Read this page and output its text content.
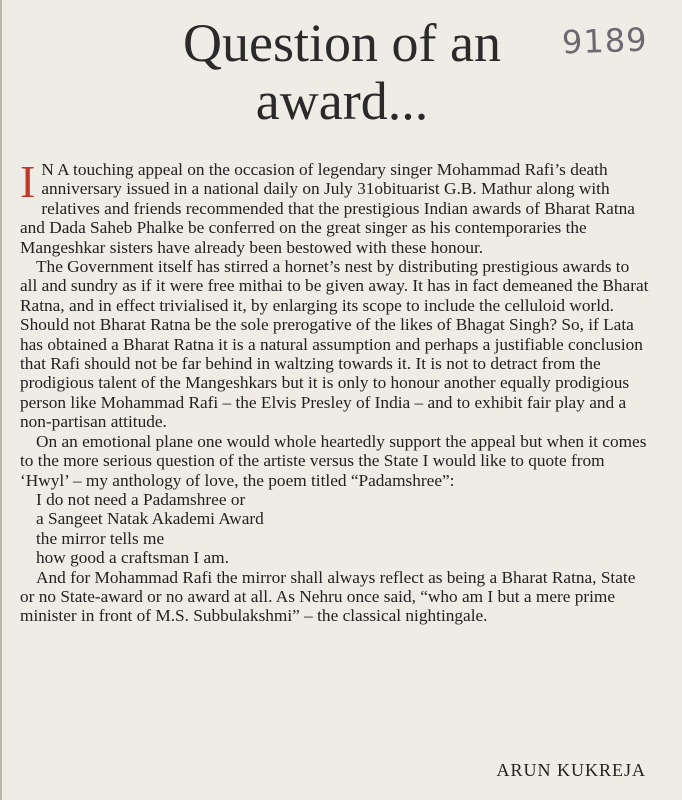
9189
Question of an
award...

I N A touching appeal on the occasion of legendary singer Mohammad Rafi’s death anniversary issued in a national daily on July 31obituarist G.B. Mathur along with relatives and friends recommended that the prestigious Indian awards of Bharat Ratna and Dada Saheb Phalke be conferred on the great singer as his contemporaries the Mangeshkar sisters have already been bestowed with these honour.

The Government itself has stirred a hornet’s nest by distributing prestigious awards to all and sundry as if it were free mithai to be given away. It has in fact demeaned the Bharat Ratna, and in effect trivialised it, by enlarging its scope to include the celluloid world. Should not Bharat Ratna be the sole prerogative of the likes of Bhagat Singh? So, if Lata has obtained a Bharat Ratna it is a natural assumption and perhaps a justifiable conclusion that Rafi should not be far behind in waltzing towards it. It is not to detract from the prodigious talent of the Mangeshkars but it is only to honour another equally prodigious person like Mohammad Rafi – the Elvis Presley of India – and to exhibit fair play and a non-partisan attitude.

On an emotional plane one would whole heartedly support the appeal but when it comes to the more serious question of the artiste versus the State I would like to quote from ‘Hwyl’ – my anthology of love, the poem titled “Padamshree”:

I do not need a Padamshree or
a Sangeet Natak Akademi Award
the mirror tells me
how good a craftsman I am.

And for Mohammad Rafi the mirror shall always reflect as being a Bharat Ratna, State or no State-award or no award at all. As Nehru once said, “who am I but a mere prime minister in front of M.S. Subbulakshmi” – the classical nightingale.

ARUN KUKREJA
